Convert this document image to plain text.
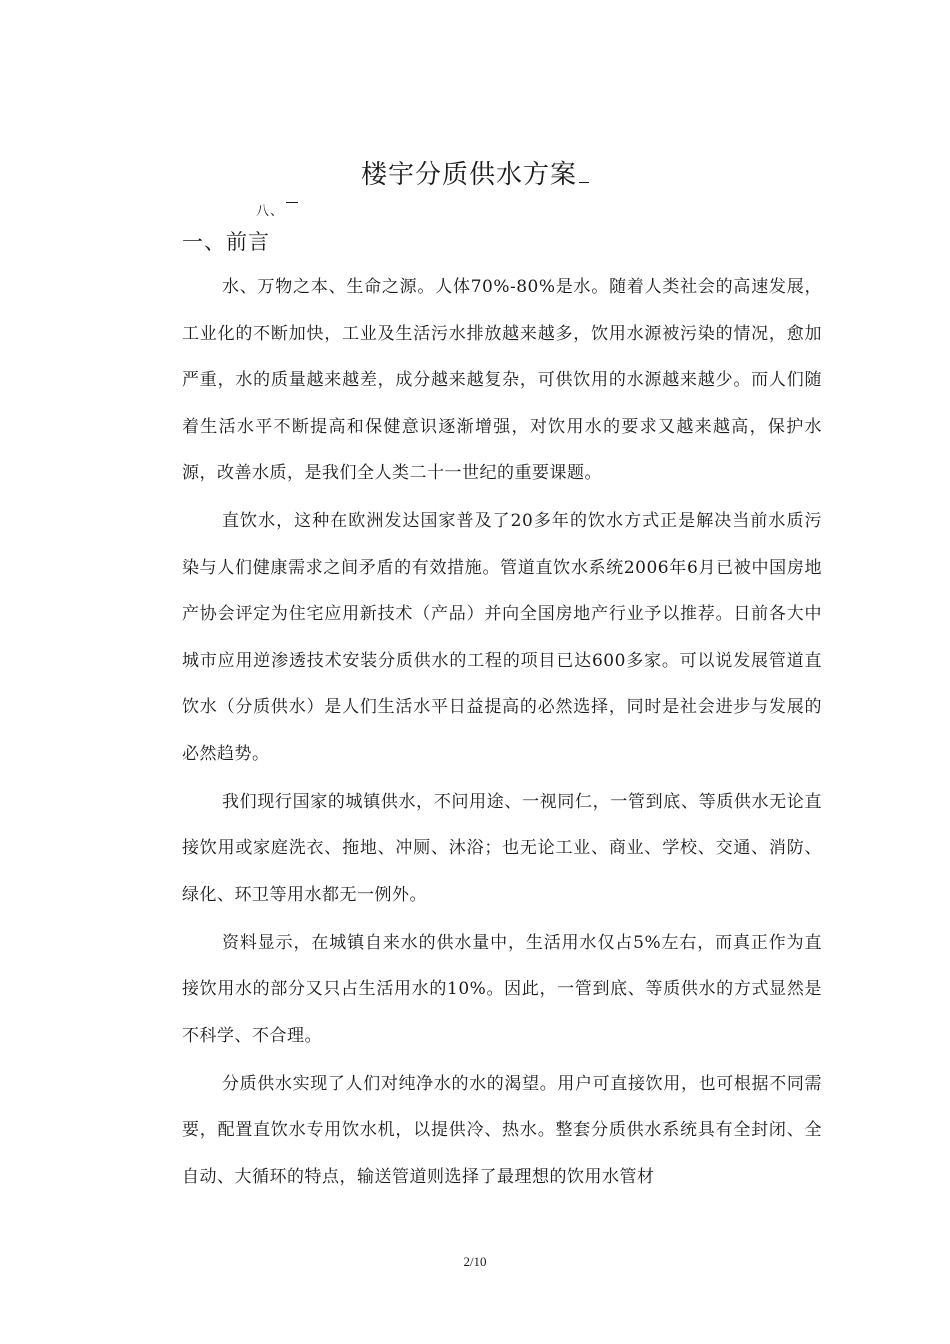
楼宇分质供水方案
八、
一、前言

水、万物之本、生命之源。人体70%-80%是水。随着人类社会的高速发展，工业化的不断加快，工业及生活污水排放越来越多，饮用水源被污染的情况，愈加严重，水的质量越来越差，成分越来越复杂，可供饮用的水源越来越少。而人们随着生活水平不断提高和保健意识逐渐增强，对饮用水的要求又越来越高，保护水源，改善水质，是我们全人类二十一世纪的重要课题。

直饮水，这种在欧洲发达国家普及了20多年的饮水方式正是解决当前水质污染与人们健康需求之间矛盾的有效措施。管道直饮水系统2006年6月已被中国房地产协会评定为住宅应用新技术（产品）并向全国房地产行业予以推荐。日前各大中城市应用逆渗透技术安装分质供水的工程的项目已达600多家。可以说发展管道直饮水（分质供水）是人们生活水平日益提高的必然选择，同时是社会进步与发展的必然趋势。

我们现行国家的城镇供水，不问用途、一视同仁，一管到底、等质供水无论直接饮用或家庭洗衣、拖地、冲厕、沐浴；也无论工业、商业、学校、交通、消防、绿化、环卫等用水都无一例外。

资料显示，在城镇自来水的供水量中，生活用水仅占5%左右，而真正作为直接饮用水的部分又只占生活用水的10%。因此，一管到底、等质供水的方式显然是不科学、不合理。

分质供水实现了人们对纯净水的水的渴望。用户可直接饮用，也可根据不同需要，配置直饮水专用饮水机，以提供冷、热水。整套分质供水系统具有全封闭、全自动、大循环的特点，输送管道则选择了最理想的饮用水管材

2/10
